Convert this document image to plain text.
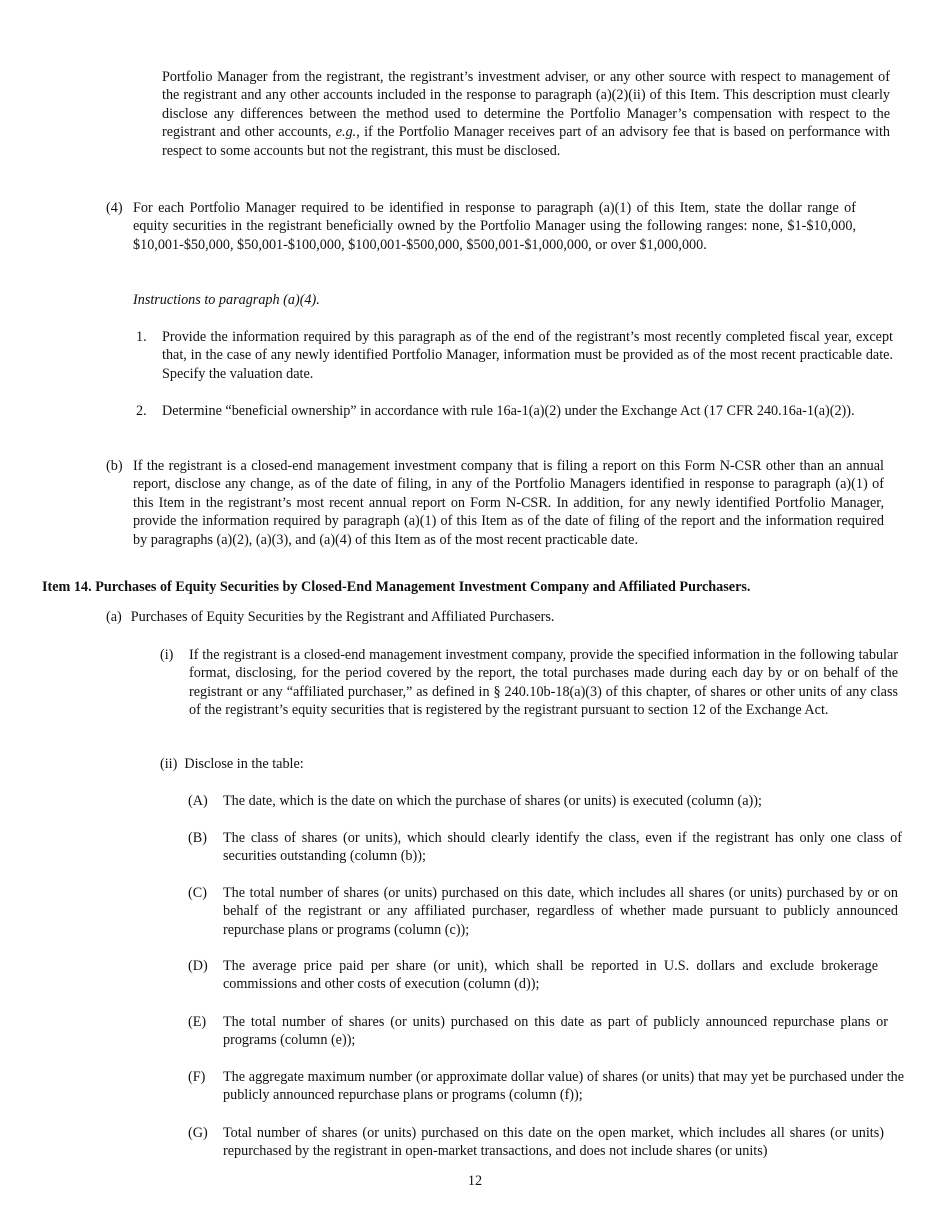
Portfolio Manager from the registrant, the registrant’s investment adviser, or any other source with respect to management of the registrant and any other accounts included in the response to paragraph (a)(2)(ii) of this Item. This description must clearly disclose any differences between the method used to determine the Portfolio Manager’s compensation with respect to the registrant and other accounts, e.g., if the Portfolio Manager receives part of an advisory fee that is based on performance with respect to some accounts but not the registrant, this must be disclosed.
(4) For each Portfolio Manager required to be identified in response to paragraph (a)(1) of this Item, state the dollar range of equity securities in the registrant beneficially owned by the Portfolio Manager using the following ranges: none, $1-$10,000, $10,001-$50,000, $50,001-$100,000, $100,001-$500,000, $500,001-$1,000,000, or over $1,000,000.
Instructions to paragraph (a)(4).
1. Provide the information required by this paragraph as of the end of the registrant’s most recently completed fiscal year, except that, in the case of any newly identified Portfolio Manager, information must be provided as of the most recent practicable date. Specify the valuation date.
2. Determine “beneficial ownership” in accordance with rule 16a-1(a)(2) under the Exchange Act (17 CFR 240.16a-1(a)(2)).
(b) If the registrant is a closed-end management investment company that is filing a report on this Form N-CSR other than an annual report, disclose any change, as of the date of filing, in any of the Portfolio Managers identified in response to paragraph (a)(1) of this Item in the registrant’s most recent annual report on Form N-CSR. In addition, for any newly identified Portfolio Manager, provide the information required by paragraph (a)(1) of this Item as of the date of filing of the report and the information required by paragraphs (a)(2), (a)(3), and (a)(4) of this Item as of the most recent practicable date.
Item 14. Purchases of Equity Securities by Closed-End Management Investment Company and Affiliated Purchasers.
(a) Purchases of Equity Securities by the Registrant and Affiliated Purchasers.
(i) If the registrant is a closed-end management investment company, provide the specified information in the following tabular format, disclosing, for the period covered by the report, the total purchases made during each day by or on behalf of the registrant or any “affiliated purchaser,” as defined in § 240.10b-18(a)(3) of this chapter, of shares or other units of any class of the registrant’s equity securities that is registered by the registrant pursuant to section 12 of the Exchange Act.
(ii) Disclose in the table:
(A) The date, which is the date on which the purchase of shares (or units) is executed (column (a));
(B) The class of shares (or units), which should clearly identify the class, even if the registrant has only one class of securities outstanding (column (b));
(C) The total number of shares (or units) purchased on this date, which includes all shares (or units) purchased by or on behalf of the registrant or any affiliated purchaser, regardless of whether made pursuant to publicly announced repurchase plans or programs (column (c));
(D) The average price paid per share (or unit), which shall be reported in U.S. dollars and exclude brokerage commissions and other costs of execution (column (d));
(E) The total number of shares (or units) purchased on this date as part of publicly announced repurchase plans or programs (column (e));
(F) The aggregate maximum number (or approximate dollar value) of shares (or units) that may yet be purchased under the publicly announced repurchase plans or programs (column (f));
(G) Total number of shares (or units) purchased on this date on the open market, which includes all shares (or units) repurchased by the registrant in open-market transactions, and does not include shares (or units)
12
